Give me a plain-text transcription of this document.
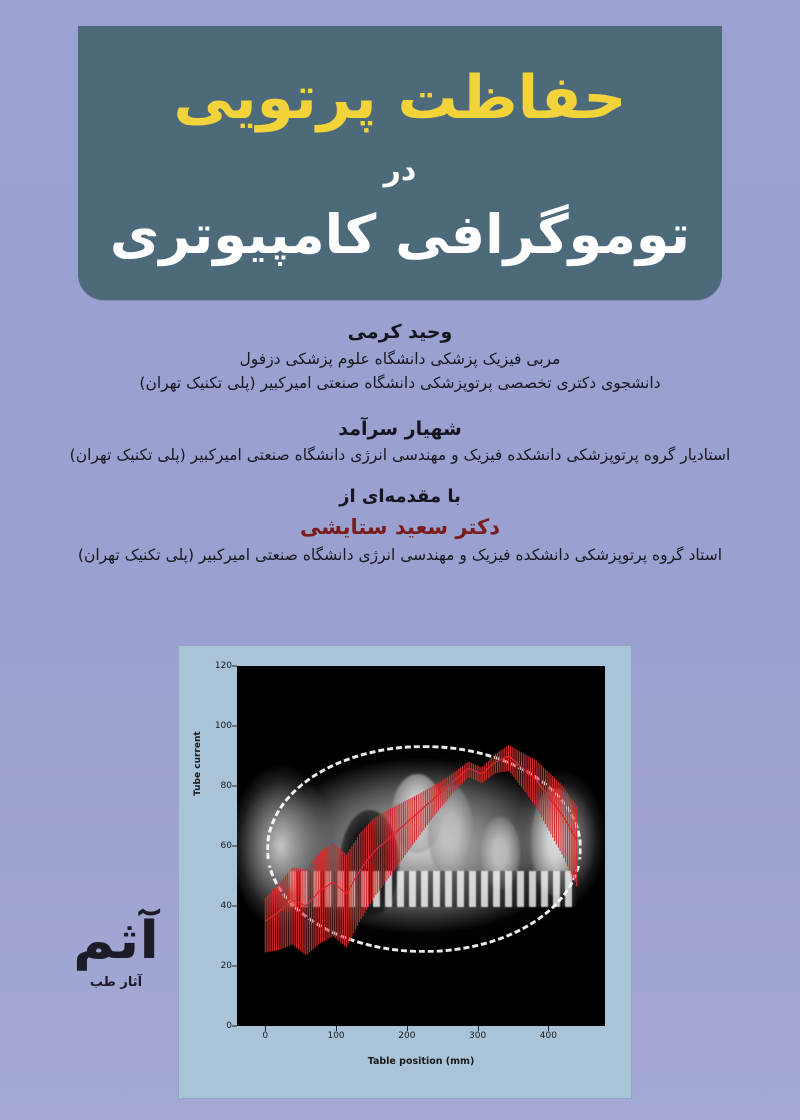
حفاظت پرتویی
در
توموگرافی کامپیوتری
وحید کرمی
مربی فیزیک پزشکی دانشگاه علوم پزشکی دزفول
دانشجوی دکتری تخصصی پرتوپزشکی دانشگاه صنعتی امیرکبیر (پلی تکنیک تهران)
شهیار سرآمد
استادیار گروه پرتوپزشکی دانشکده فیزیک و مهندسی انرژی دانشگاه صنعتی امیرکبیر (پلی تکنیک تهران)
با مقدمه‌ای از
دکتر سعید ستایشی
استاد گروه پرتوپزشکی دانشکده فیزیک و مهندسی انرژی دانشگاه صنعتی امیرکبیر (پلی تکنیک تهران)
Tube current
Table position (mm)
0
20
40
60
80
100
120
0	100	200	300	400
آثم
آثار طب
